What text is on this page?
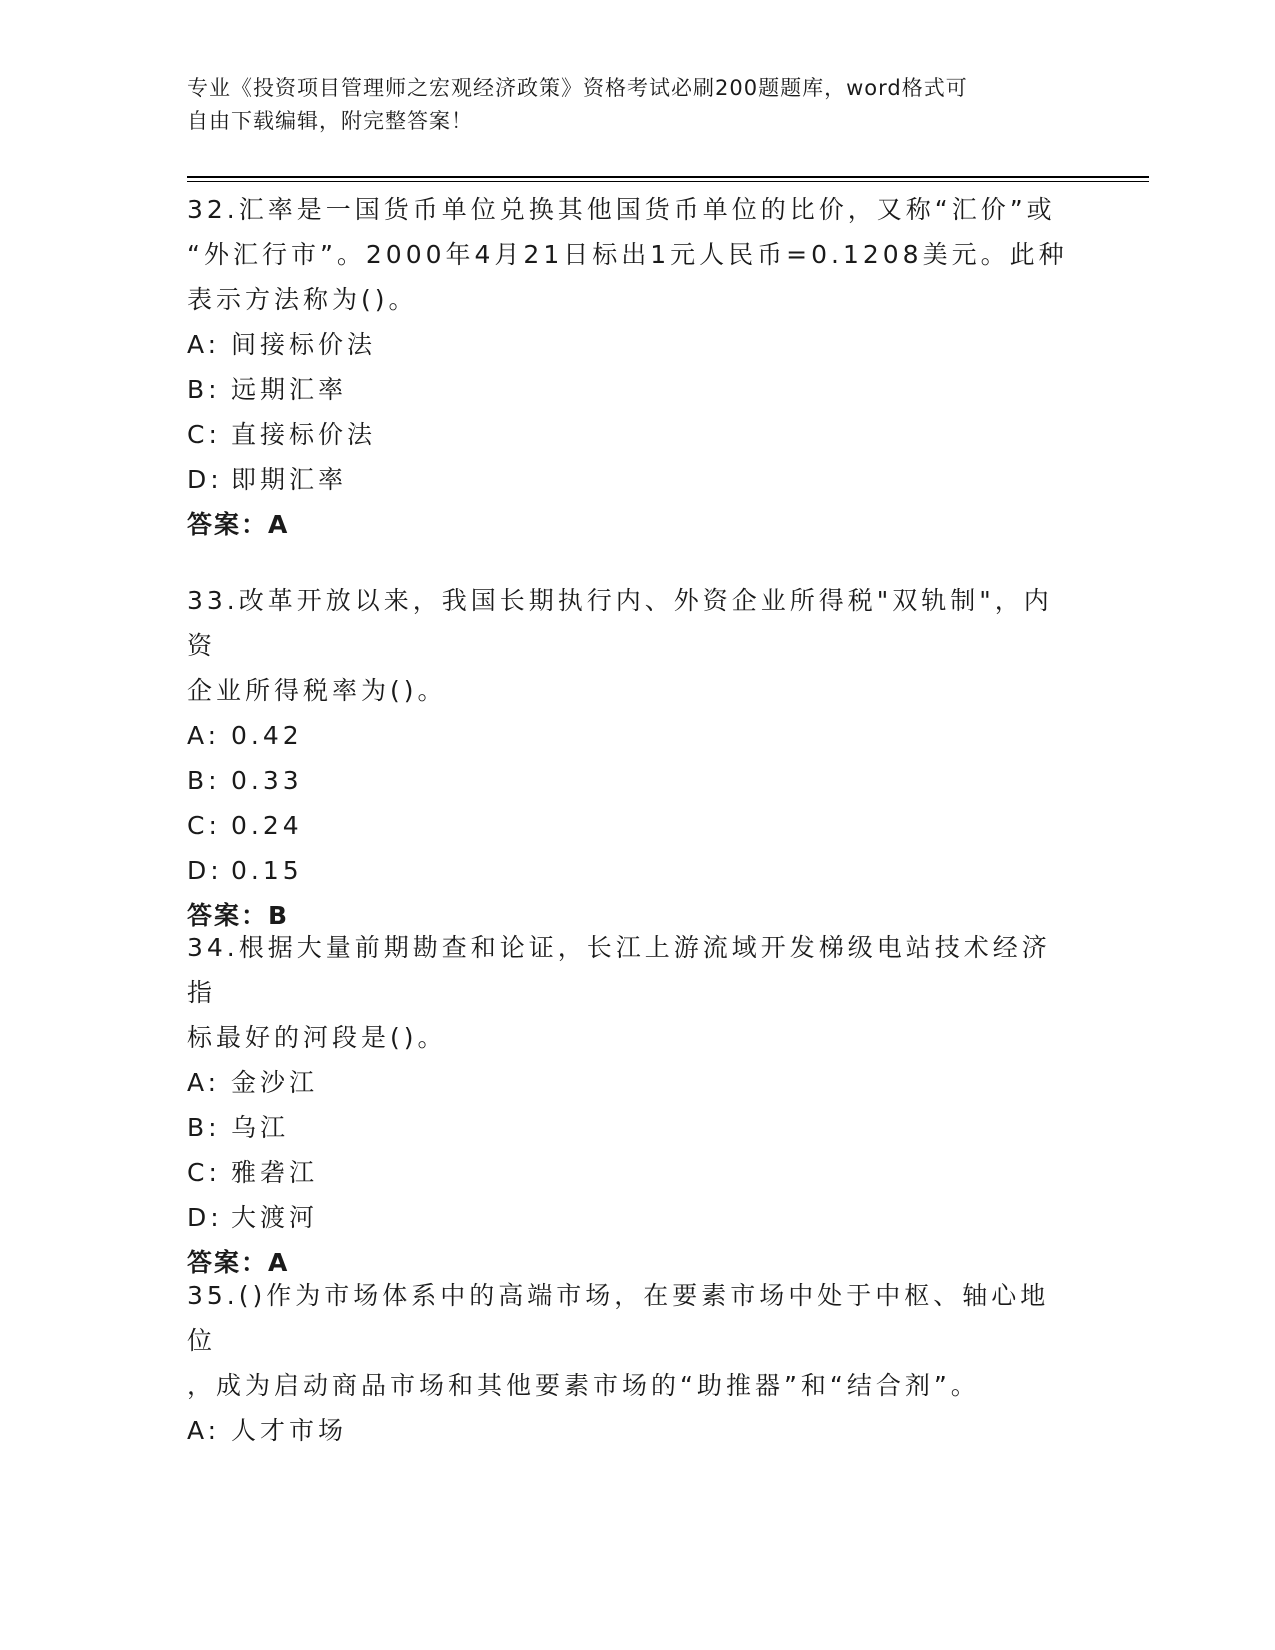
专业《投资项目管理师之宏观经济政策》资格考试必刷200题题库，word格式可
自由下载编辑，附完整答案！
32.汇率是一国货币单位兑换其他国货币单位的比价，又称“汇价”或
“外汇行市”。2000年4月21日标出1元人民币=0.1208美元。此种
表示方法称为()。
A: 间接标价法
B: 远期汇率
C: 直接标价法
D: 即期汇率
答案：A
33.改革开放以来，我国长期执行内、外资企业所得税"双轨制"，内资
企业所得税率为()。
A: 0.42
B: 0.33
C: 0.24
D: 0.15
答案：B
34.根据大量前期勘查和论证，长江上游流域开发梯级电站技术经济指
标最好的河段是()。
A: 金沙江
B: 乌江
C: 雅砻江
D: 大渡河
答案：A
35.()作为市场体系中的高端市场，在要素市场中处于中枢、轴心地位
，成为启动商品市场和其他要素市场的“助推器”和“结合剂”。
A: 人才市场
